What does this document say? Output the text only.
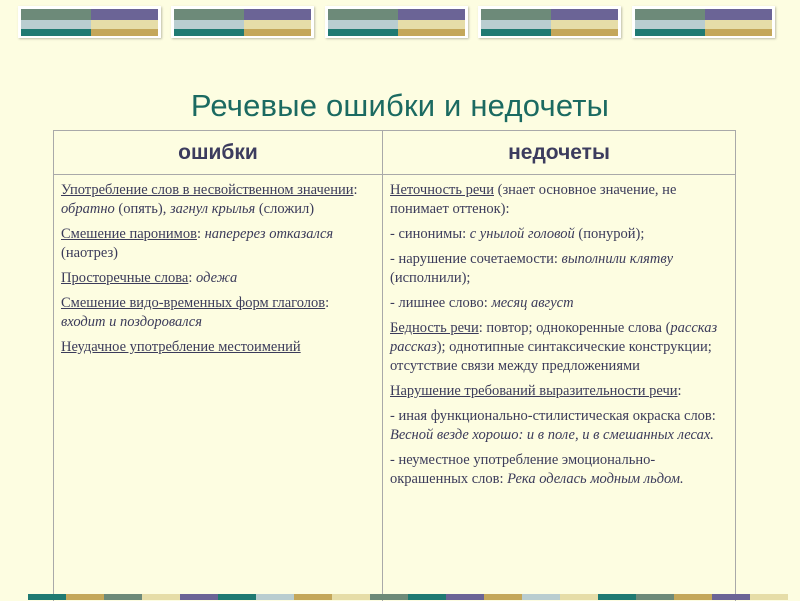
Речевые ошибки и недочеты
ошибки	недочеты

Употребление слов в несвойственном значении: обратно (опять), загнул крылья (сложил)

Смешение паронимов: наперерез отказался (наотрез)

Просторечные слова: одежа

Смешение видо-временных форм глаголов: входит и поздоровался

Неудачное употребление местоимений

Неточность речи (знает основное значение, не понимает оттенок):

- синонимы: с унылой головой (понурой);

- нарушение сочетаемости: выполнили клятву (исполнили);

- лишнее слово: месяц август

Бедность речи: повтор; однокоренные слова (рассказ рассказ); однотипные синтаксические конструкции; отсутствие связи между предложениями

Нарушение требований выразительности речи:

- иная функционально-стилистическая окраска слов: Весной везде хорошо: и в поле, и в смешанных лесах.

- неуместное употребление эмоционально-окрашенных слов: Река оделась модным льдом.
